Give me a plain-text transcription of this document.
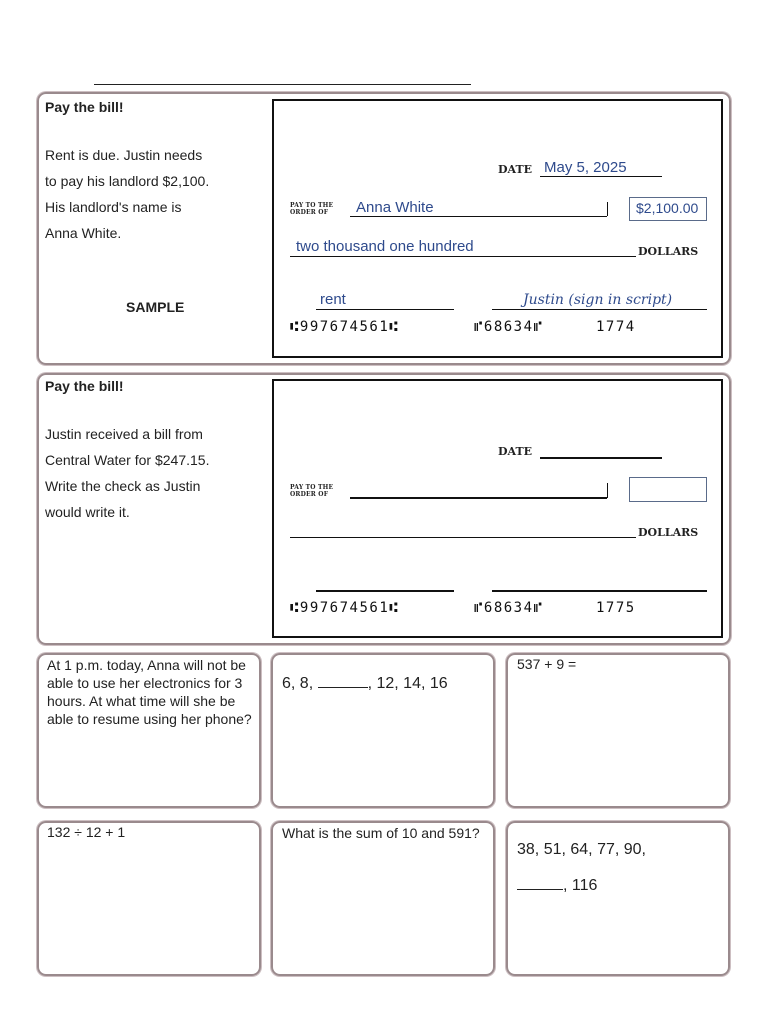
Pay the bill!
Rent is due. Justin needs
to pay his landlord $2,100.
His landlord's name is
Anna White.
SAMPLE
DATE May 5, 2025
PAY TO THE
ORDER OF	Anna White	$2,100.00
two thousand one hundred	DOLLARS
rent	Justin (sign in script)
⑆997674561⑆	⑈68634⑈	1774
Pay the bill!
Justin received a bill from
Central Water for $247.15.
Write the check as Justin
would write it.
DATE
PAY TO THE
ORDER OF
DOLLARS
⑆997674561⑆	⑈68634⑈	1775
At 1 p.m. today, Anna will not be able to use her electronics for 3 hours. At what time will she be able to resume using her phone?
6, 8,	, 12, 14, 16
537 + 9 =
132 ÷ 12 + 1	What is the sum of 10 and 591?
38, 51, 64, 77, 90,
, 116
